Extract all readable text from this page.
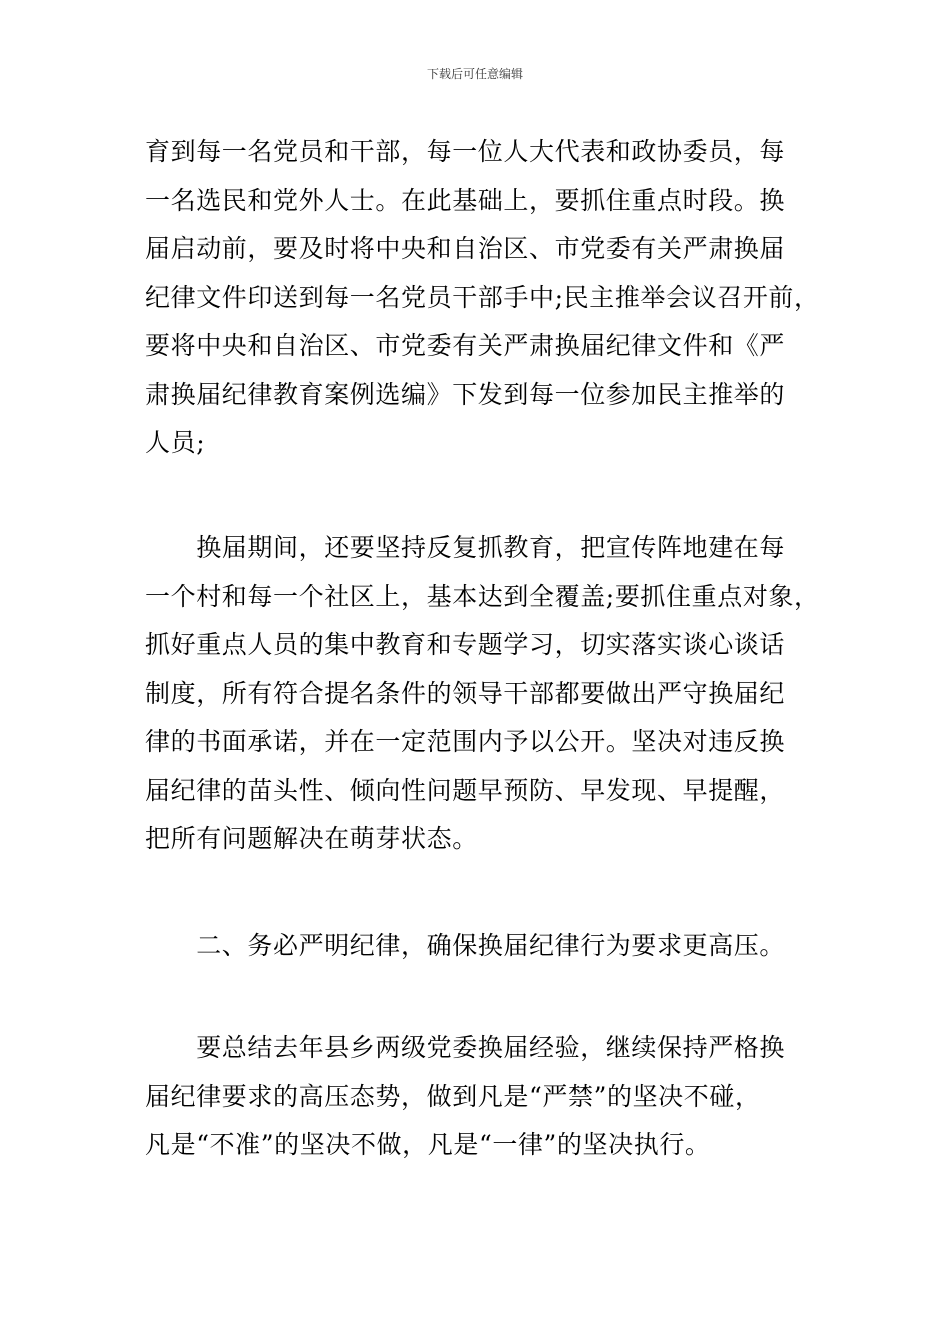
下载后可任意编辑
育到每一名党员和干部，每一位人大代表和政协委员，每
一名选民和党外人士。在此基础上，要抓住重点时段。换
届启动前，要及时将中央和自治区、市党委有关严肃换届
纪律文件印送到每一名党员干部手中;民主推举会议召开前，
要将中央和自治区、市党委有关严肃换届纪律文件和《严
肃换届纪律教育案例选编》下发到每一位参加民主推举的
人员;
　　换届期间，还要坚持反复抓教育，把宣传阵地建在每
一个村和每一个社区上，基本达到全覆盖;要抓住重点对象，
抓好重点人员的集中教育和专题学习，切实落实谈心谈话
制度，所有符合提名条件的领导干部都要做出严守换届纪
律的书面承诺，并在一定范围内予以公开。坚决对违反换
届纪律的苗头性、倾向性问题早预防、早发现、早提醒，
把所有问题解决在萌芽状态。
　　二、务必严明纪律，确保换届纪律行为要求更高压。
　　要总结去年县乡两级党委换届经验，继续保持严格换
届纪律要求的高压态势，做到凡是“严禁”的坚决不碰，
凡是“不准”的坚决不做，凡是“一律”的坚决执行。
